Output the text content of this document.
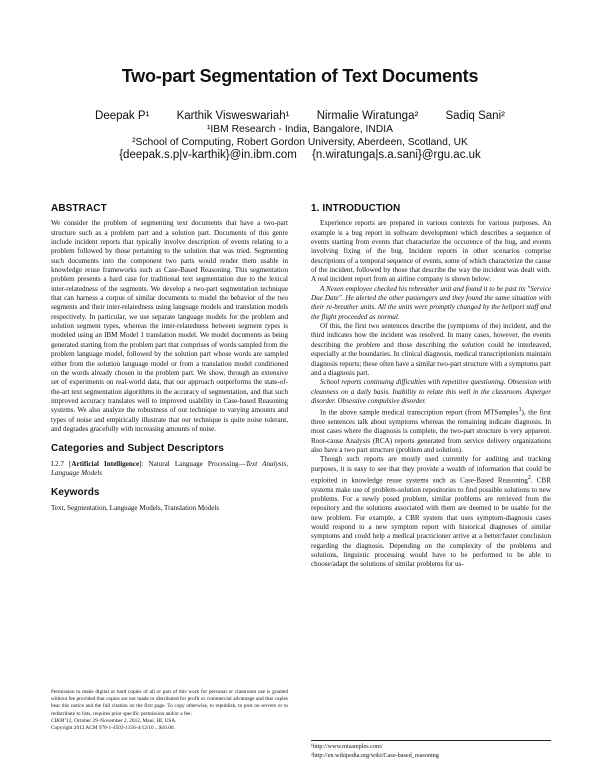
Two-part Segmentation of Text Documents
Deepak P¹ Karthik Visweswariah¹ Nirmalie Wiratunga² Sadiq Sani²
¹IBM Research - India, Bangalore, INDIA
²School of Computing, Robert Gordon University, Aberdeen, Scotland, UK
{deepak.s.p|v-karthik}@in.ibm.com {n.wiratunga|s.a.sani}@rgu.ac.uk
ABSTRACT

We consider the problem of segmenting text documents that have a two-part structure such as a problem part and a solution part. Documents of this genre include incident reports that typically involve description of events relating to a problem followed by those pertaining to the solution that was tried. Segmenting such documents into the component two parts would render them usable in knowledge reuse frameworks such as Case-Based Reasoning. This segmentation problem presents a hard case for traditional text segmentation due to the lexical inter-relatedness of the segments. We develop a two-part segmentation technique that can harness a corpus of similar documents to model the behavior of the two segments and their inter-relatedness using language models and translation models respectively. In particular, we use separate language models for the problem and solution segment types, whereas the inter-relatedness between segment types is modeled using an IBM Model 1 translation model. We model documents as being generated starting from the problem part that comprises of words sampled from the problem language model, followed by the solution part whose words are sampled either from the solution language model or from a translation model conditioned on the words already chosen in the problem part. We show, through an extensive set of experiments on real-world data, that our approach outperforms the state-of-the-art text segmentation algorithms in the accuracy of segmentation, and that such improved accuracy translates well to improved usability in Case-based Reasoning systems. We also analyze the robustness of our technique to varying amounts and types of noise and empirically illustrate that our technique is quite noise tolerant, and degrades gracefully with increasing amounts of noise.

Categories and Subject Descriptors

I.2.7 [Artificial Intelligence]: Natural Language Processing—Text Analysis, Language Models

Keywords

Text, Segmentation, Language Models, Translation Models

Permission to make digital or hard copies of all or part of this work for personal or classroom use is granted without fee provided that copies are not made or distributed for profit or commercial advantage and that copies bear this notice and the full citation on the first page. To copy otherwise, to republish, to post on servers or to redistribute to lists, requires prior specific permission and/or a fee.

CIKM’12, October 29–November 2, 2012, Maui, HI, USA.

Copyright 2012 ACM 978-1-4503-1156-4/12/10 ...$10.00.

1. INTRODUCTION

Experience reports are prepared in various contexts for various purposes. An example is a bug report in software development which describes a sequence of events starting from events that characterize the occurence of the bug, and events involving fixing of the bug. Incident reports in other scenarios comprise descriptions of a temporal sequence of events, some of which characterize the cause of the incident, followed by those that describe the way the incident was dealt with. A real incident report from an airline company is shown below:

A Nexen employee checked his rebreather unit and found it to be past its "Service Due Date". He alerted the other passengers and they found the same situation with their re-breather units. All the units were promptly changed by the heliport staff and the flight proceeded as normal.

Of this, the first two sentences describe the (symptoms of the) incident, and the third indicates how the incident was resolved. In many cases, however, the events describing the problem and those describing the solution could be interleaved, especially at the boundaries. In clinical diagnosis, medical transcriptionists maintain diagnosis reports; these often have a similar two-part structure with a symptoms part and a diagnosis part.

School reports continuing difficulties with repetitive questioning. Obsession with cleanness on a daily basis. Inability to relate this well in the classroom. Asperger disorder. Obsessive compulsive disorder.

In the above sample medical transcription report (from MTSamples$^1$), the first three sentences talk about symptoms whereas the remaining indicate diagnosis. In most cases where the diagnosis is complete, the two-part structure is very apparent. Root-cause Analysis (RCA) reports generated from service delivery organizations also have a two part structure (problem and solution).

Though such reports are mostly used currently for auditing and tracking purposes, it is easy to see that they provide a wealth of information that could be exploited in knowledge reuse systems such as Case-Based Reasoning$^2$. CBR systems make use of problem-solution repositories to find possible solutions to new problems. For a newly posed problem, similar problems are retrieved from the repository and the solutions associated with them are deemed to be usable for the new problem. For example, a CBR system that uses symptom-diagnosis cases would respond to a new symptom report with historical diagnoses of similar symptoms and could help a medical practicioner arrive at a better/faster conclusion regarding the diagnosis. Depending on the complexity of the problems and solutions, linguistic processing would have to be performed to be able to choose/adapt the solutions of similar problems for us-

¹http://www.mtsamples.com/
²http://en.wikipedia.org/wiki/Case-based_reasoning
